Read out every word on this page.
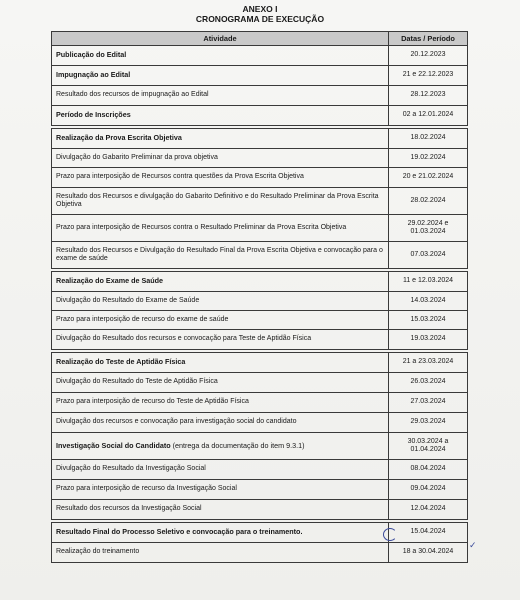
ANEXO I
CRONOGRAMA DE EXECUÇÃO
Atividade	Datas / Período
Publicação do Edital	20.12.2023
Impugnação ao Edital	21 e 22.12.2023
Resultado dos recursos de impugnação ao Edital	28.12.2023
Período de Inscrições	02 a 12.01.2024

Realização da Prova Escrita Objetiva	18.02.2024
Divulgação do Gabarito Preliminar da prova objetiva	19.02.2024
Prazo para interposição de Recursos contra questões da Prova Escrita Objetiva	20 e 21.02.2024
Resultado dos Recursos e divulgação do Gabarito Definitivo e do Resultado Preliminar da Prova Escrita Objetiva	28.02.2024
Prazo para interposição de Recursos contra o Resultado Preliminar da Prova Escrita Objetiva	29.02.2024 e 01.03.2024
Resultado dos Recursos e Divulgação do Resultado Final da Prova Escrita Objetiva e convocação para o exame de saúde	07.03.2024

Realização do Exame de Saúde	11 e 12.03.2024
Divulgação do Resultado do Exame de Saúde	14.03.2024
Prazo para interposição de recurso do exame de saúde	15.03.2024
Divulgação do Resultado dos recursos e convocação para Teste de Aptidão Física	19.03.2024

Realização do Teste de Aptidão Física	21 a 23.03.2024
Divulgação do Resultado do Teste de Aptidão Física	26.03.2024
Prazo para interposição de recurso do Teste de Aptidão Física	27.03.2024
Divulgação dos recursos e convocação para investigação social do candidato	29.03.2024
Investigação Social do Candidato (entrega da documentação do item 9.3.1)	30.03.2024 a 01.04.2024
Divulgação do Resultado da Investigação Social	08.04.2024
Prazo para interposição de recurso da Investigação Social	09.04.2024
Resultado dos recursos da Investigação Social	12.04.2024

Resultado Final do Processo Seletivo e convocação para o treinamento.	15.04.2024
Realização do treinamento	18 a 30.04.2024
✓
